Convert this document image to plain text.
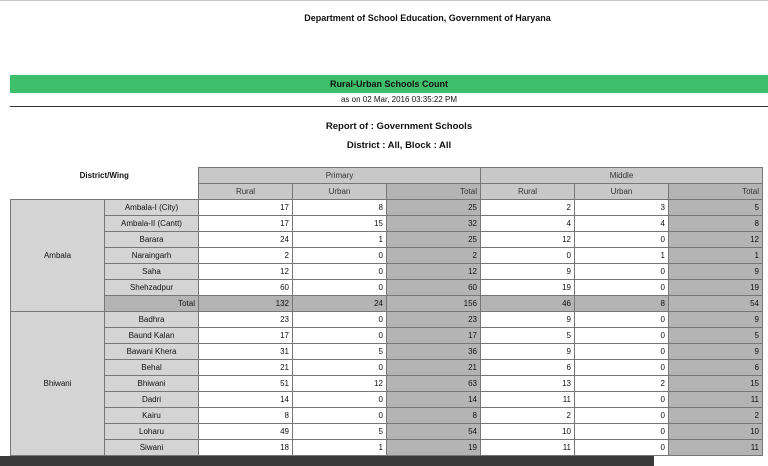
Department of School Education, Government of Haryana
Rural-Urban Schools Count
as on 02 Mar, 2016 03:35:22 PM
Report of : Government Schools
District : All, Block : All
District/Wing		Primary			Middle		
		Rural	Urban	Total	Rural	Urban	Total
Ambala	Ambala-I (City)	17	8	25	2	3	5
	Ambala-II (Cantt)	17	15	32	4	4	8
	Barara	24	1	25	12	0	12
	Naraingarh	2	0	2	0	1	1
	Saha	12	0	12	9	0	9
	Shehzadpur	60	0	60	19	0	19
	Total	132	24	156	46	8	54
Bhiwani	Badhra	23	0	23	9	0	9
	Baund Kalan	17	0	17	5	0	5
	Bawani Khera	31	5	36	9	0	9
	Behal	21	0	21	6	0	6
	Bhiwani	51	12	63	13	2	15
	Dadri	14	0	14	11	0	11
	Kairu	8	0	8	2	0	2
	Loharu	49	5	54	10	0	10
	Siwani	18	1	19	11	0	11
